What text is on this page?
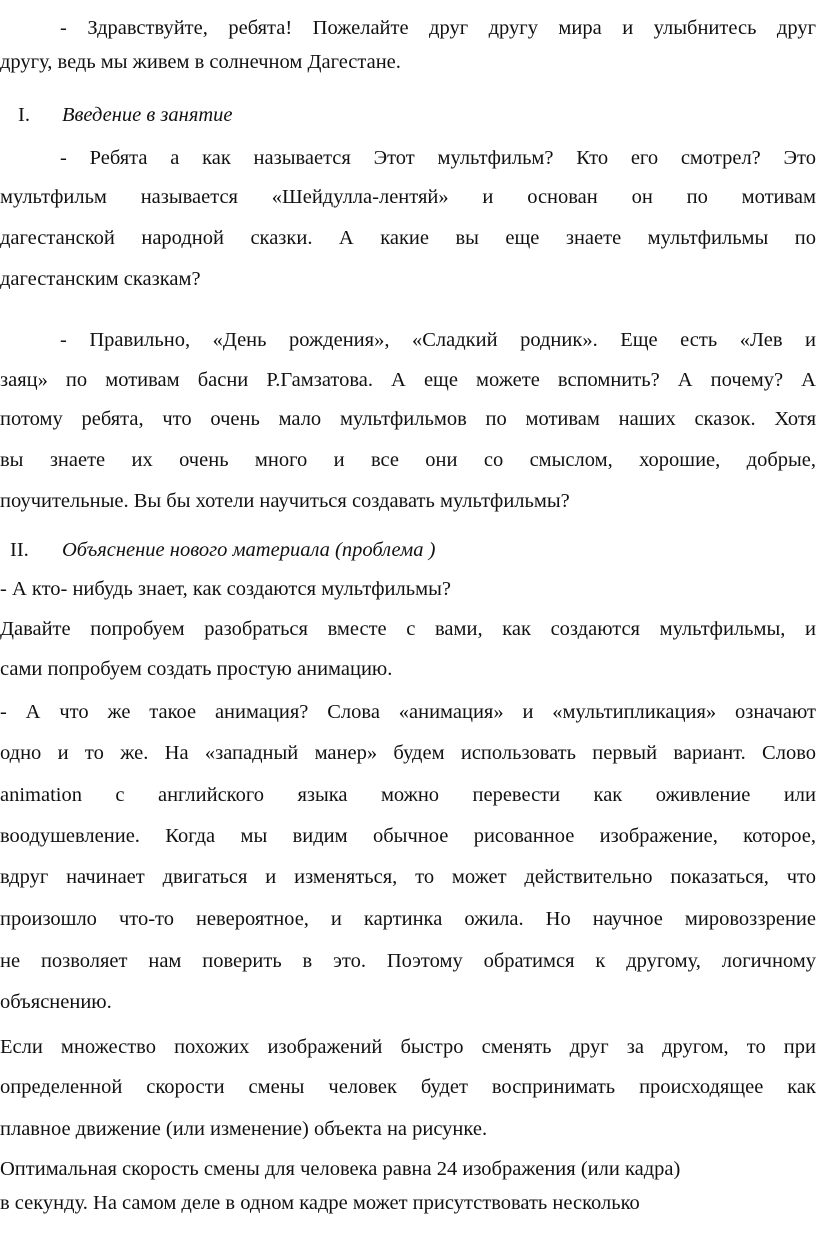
- Здравствуйте, ребята! Пожелайте друг другу мира и улыбнитесь друг

другу, ведь мы живем в солнечном Дагестане.

I. Введение в занятие

- Ребята а как называется Этот мультфильм? Кто его смотрел? Это

мультфильм называется «Шейдулла-лентяй» и основан он по мотивам

дагестанской народной сказки. А какие вы еще знаете мультфильмы по

дагестанским сказкам?

- Правильно, «День рождения», «Сладкий родник». Еще есть «Лев и

заяц» по мотивам басни Р.Гамзатова. А еще можете вспомнить? А почему? А

потому ребята, что очень мало мультфильмов по мотивам наших сказок. Хотя

вы знаете их очень много и все они со смыслом, хорошие, добрые,

поучительные. Вы бы хотели научиться создавать мультфильмы?

II. Объяснение нового материала (проблема )

- А кто- нибудь знает, как создаются мультфильмы?

Давайте попробуем разобраться вместе с вами, как создаются мультфильмы, и

сами попробуем создать простую анимацию.

- А что же такое анимация? Слова «анимация» и «мультипликация» означают

одно и то же. На «западный манер» будем использовать первый вариант. Слово

animation с английского языка можно перевести как оживление или

воодушевление. Когда мы видим обычное рисованное изображение, которое,

вдруг начинает двигаться и изменяться, то может действительно показаться, что

произошло что-то невероятное, и картинка ожила. Но научное мировоззрение

не позволяет нам поверить в это. Поэтому обратимся к другому, логичному

объяснению.

Если множество похожих изображений быстро сменять друг за другом, то при

определенной скорости смены человек будет воспринимать происходящее как

плавное движение (или изменение) объекта на рисунке.

Оптимальная скорость смены для человека равна 24 изображения (или кадра)

в секунду. На самом деле в одном кадре может присутствовать несколько
